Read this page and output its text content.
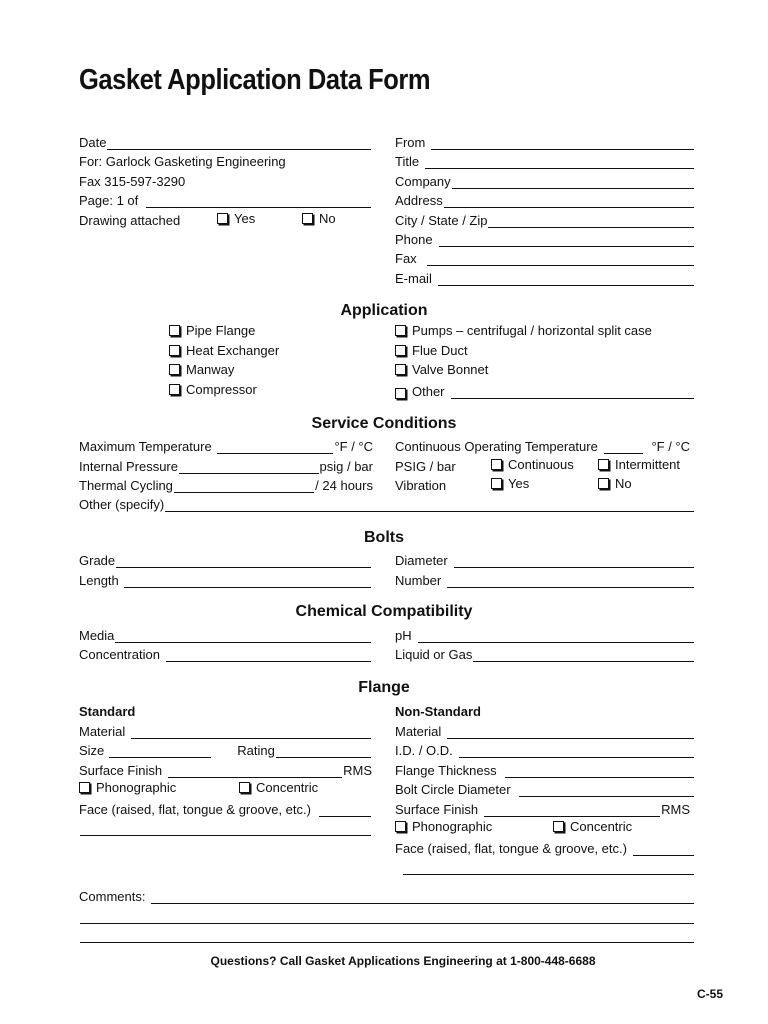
Gasket Application Data Form
Date
For: Garlock Gasketing Engineering
Fax 315-597-3290
Page: 1 of
Drawing attached	Yes	No
From
Title
Company
Address
City / State / Zip
Phone
Fax
E-mail
Application
Pipe Flange
Heat Exchanger
Manway
Compressor
Pumps – centrifugal / horizontal split case
Flue Duct
Valve Bonnet
Other
Service Conditions
Maximum Temperature	°F / °C
Internal Pressure	psig / bar
Thermal Cycling	/ 24 hours
Other (specify)
Continuous Operating Temperature	°F / °C
PSIG / bar	Continuous	Intermittent
Vibration	Yes	No
Bolts
Grade
Length
Diameter
Number
Chemical Compatibility
Media
Concentration
pH
Liquid or Gas
Flange
Standard	Non-Standard
Material
Size	Rating
Surface Finish	RMS
Phonographic	Concentric
Face (raised, flat, tongue & groove, etc.)
Material
I.D. / O.D.
Flange Thickness
Bolt Circle Diameter
Surface Finish	RMS
Phonographic	Concentric
Face (raised, flat, tongue & groove, etc.)
Comments:
Questions? Call Gasket Applications Engineering at 1-800-448-6688
C-55
